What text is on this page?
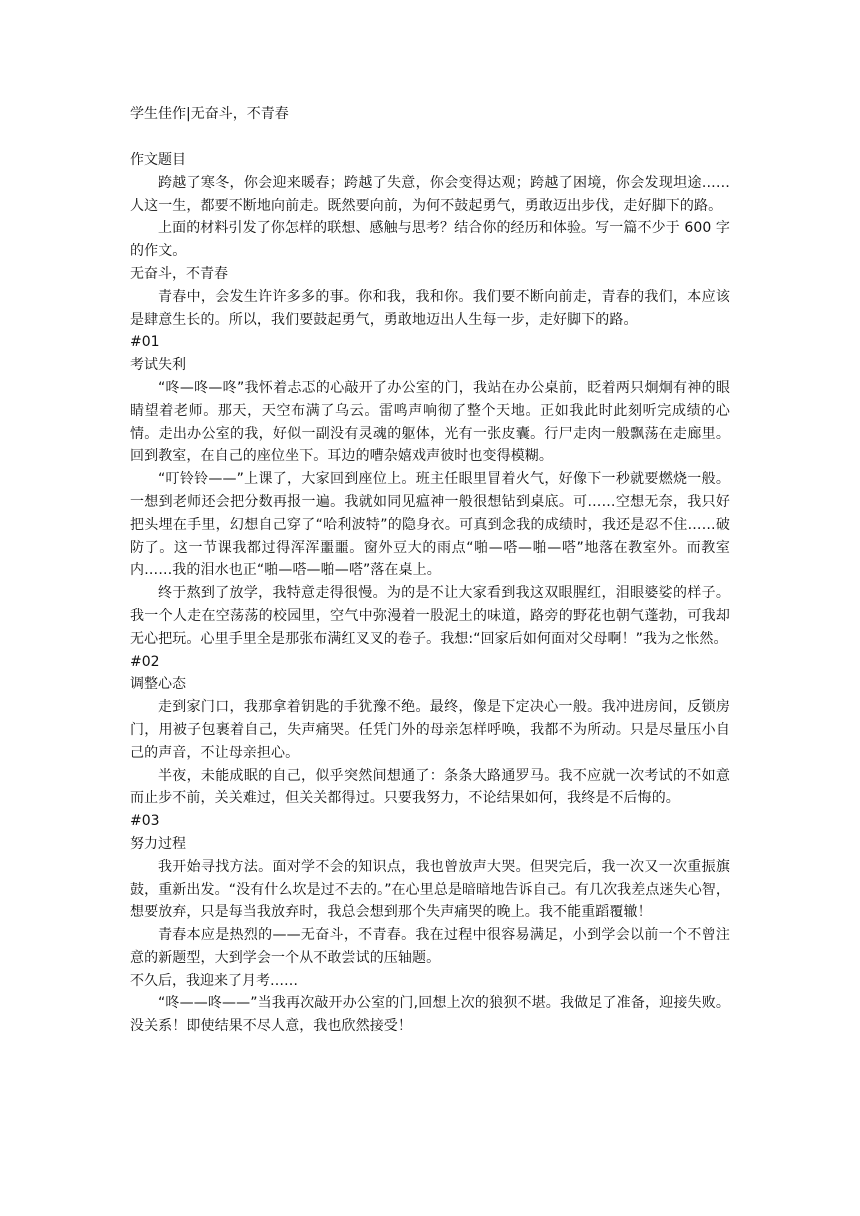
学生佳作|无奋斗，不青春
作文题目
跨越了寒冬，你会迎来暖春；跨越了失意，你会变得达观；跨越了困境，你会发现坦途……人这一生，都要不断地向前走。既然要向前，为何不鼓起勇气，勇敢迈出步伐，走好脚下的路。
上面的材料引发了你怎样的联想、感触与思考？结合你的经历和体验。写一篇不少于 600 字的作文。
无奋斗，不青春
青春中，会发生许许多多的事。你和我，我和你。我们要不断向前走，青春的我们，本应该是肆意生长的。所以，我们要鼓起勇气，勇敢地迈出人生每一步，走好脚下的路。
#01
考试失利
“咚—咚—咚”我怀着忐忑的心敲开了办公室的门，我站在办公桌前，眨着两只炯炯有神的眼睛望着老师。那天，天空布满了乌云。雷鸣声响彻了整个天地。正如我此时此刻听完成绩的心情。走出办公室的我，好似一副没有灵魂的躯体，光有一张皮囊。行尸走肉一般飘荡在走廊里。回到教室，在自己的座位坐下。耳边的嘈杂嬉戏声彼时也变得模糊。
“叮铃铃——”上课了，大家回到座位上。班主任眼里冒着火气，好像下一秒就要燃烧一般。一想到老师还会把分数再报一遍。我就如同见瘟神一般很想钻到桌底。可……空想无奈，我只好把头埋在手里，幻想自己穿了“哈利波特”的隐身衣。可真到念我的成绩时，我还是忍不住……破防了。这一节课我都过得浑浑噩噩。窗外豆大的雨点“啪—嗒—啪—嗒”地落在教室外。而教室内……我的泪水也正“啪—嗒—啪—嗒”落在桌上。
终于熬到了放学，我特意走得很慢。为的是不让大家看到我这双眼腥红，泪眼婆娑的样子。我一个人走在空荡荡的校园里，空气中弥漫着一股泥土的味道，路旁的野花也朝气蓬勃，可我却无心把玩。心里手里全是那张布满红叉叉的卷子。我想:“回家后如何面对父母啊！”我为之怅然。
#02
调整心态
走到家门口，我那拿着钥匙的手犹豫不绝。最终，像是下定决心一般。我冲进房间，反锁房门，用被子包裹着自己，失声痛哭。任凭门外的母亲怎样呼唤，我都不为所动。只是尽量压小自己的声音，不让母亲担心。
半夜，未能成眠的自己，似乎突然间想通了：条条大路通罗马。我不应就一次考试的不如意而止步不前，关关难过，但关关都得过。只要我努力，不论结果如何，我终是不后悔的。
#03
努力过程
我开始寻找方法。面对学不会的知识点，我也曾放声大哭。但哭完后，我一次又一次重振旗鼓，重新出发。“没有什么坎是过不去的。”在心里总是暗暗地告诉自己。有几次我差点迷失心智，想要放弃，只是每当我放弃时，我总会想到那个失声痛哭的晚上。我不能重蹈覆辙！
青春本应是热烈的——无奋斗，不青春。我在过程中很容易满足，小到学会以前一个不曾注意的新题型，大到学会一个从不敢尝试的压轴题。
不久后，我迎来了月考……
“咚——咚——”当我再次敲开办公室的门,回想上次的狼狈不堪。我做足了准备，迎接失败。没关系！即使结果不尽人意，我也欣然接受！
